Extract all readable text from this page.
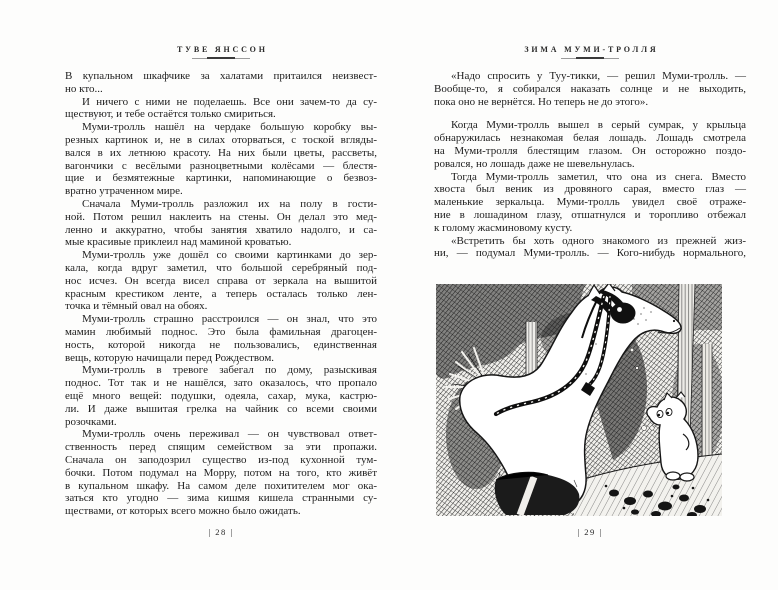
ТУВЕ ЯНССОН
В купальном шкафчике за халатами притаился неизвест-
но кто...
И ничего с ними не поделаешь. Все они зачем-то да су-
ществуют, и тебе остаётся только смириться.
Муми-тролль нашёл на чердаке большую коробку вы-
резных картинок и, не в силах оторваться, с тоской вгляды-
вался в их летнюю красоту. На них были цветы, рассветы,
вагончики с весёлыми разноцветными колёсами — блестя-
щие и безмятежные картинки, напоминающие о безвоз-
вратно утраченном мире.
Сначала Муми-тролль разложил их на полу в гости-
ной. Потом решил наклеить на стены. Он делал это мед-
ленно и аккуратно, чтобы занятия хватило надолго, и са-
мые красивые приклеил над маминой кроватью.
Муми-тролль уже дошёл со своими картинками до зер-
кала, когда вдруг заметил, что большой серебряный под-
нос исчез. Он всегда висел справа от зеркала на вышитой
красным крестиком ленте, а теперь осталась только лен-
точка и тёмный овал на обоях.
Муми-тролль страшно расстроился — он знал, что это
мамин любимый поднос. Это была фамильная драгоцен-
ность, которой никогда не пользовались, единственная
вещь, которую начищали перед Рождеством.
Муми-тролль в тревоге забе́гал по дому, разыскивая
поднос. Тот так и не нашёлся, зато оказалось, что пропало
ещё много вещей: подушки, одеяла, сахар, мука, кастрю-
ли. И даже вышитая грелка на чайник со всеми своими
розочками.
Муми-тролль очень переживал — он чувствовал ответ-
ственность перед спящим семейством за эти пропажи.
Сначала он заподозрил существо из-под кухонной тум-
бочки. Потом подумал на Морру, потом на того, кто живёт
в купальном шкафу. На самом деле похитителем мог ока-
заться кто угодно — зима кишмя кишела странными су-
ществами, от которых всего можно было ожидать.
| 28 |
ЗИМА МУМИ-ТРОЛЛЯ
«Надо спросить у Туу-тикки, — решил Муми-тролль. —
Вообще-то, я собирался наказать солнце и не выходить,
пока оно не вернётся. Но теперь не до этого».
Когда Муми-тролль вышел в серый сумрак, у крыльца
обнаружилась незнакомая белая лошадь. Лошадь смотрела
на Муми-тролля блестящим глазом. Он осторожно поздо-
ровался, но лошадь даже не шевельнулась.
Тогда Муми-тролль заметил, что она из снега. Вместо
хвоста был веник из дровяного сарая, вместо глаз —
маленькие зеркальца. Муми-тролль увидел своё отраже-
ние в лошадином глазу, отшатнулся и торопливо отбежал
к голому жасминовому кусту.
«Встретить бы хоть одного знакомого из прежней жиз-
ни, — подумал Муми-тролль. — Кого-нибудь нормального,
| 29 |
